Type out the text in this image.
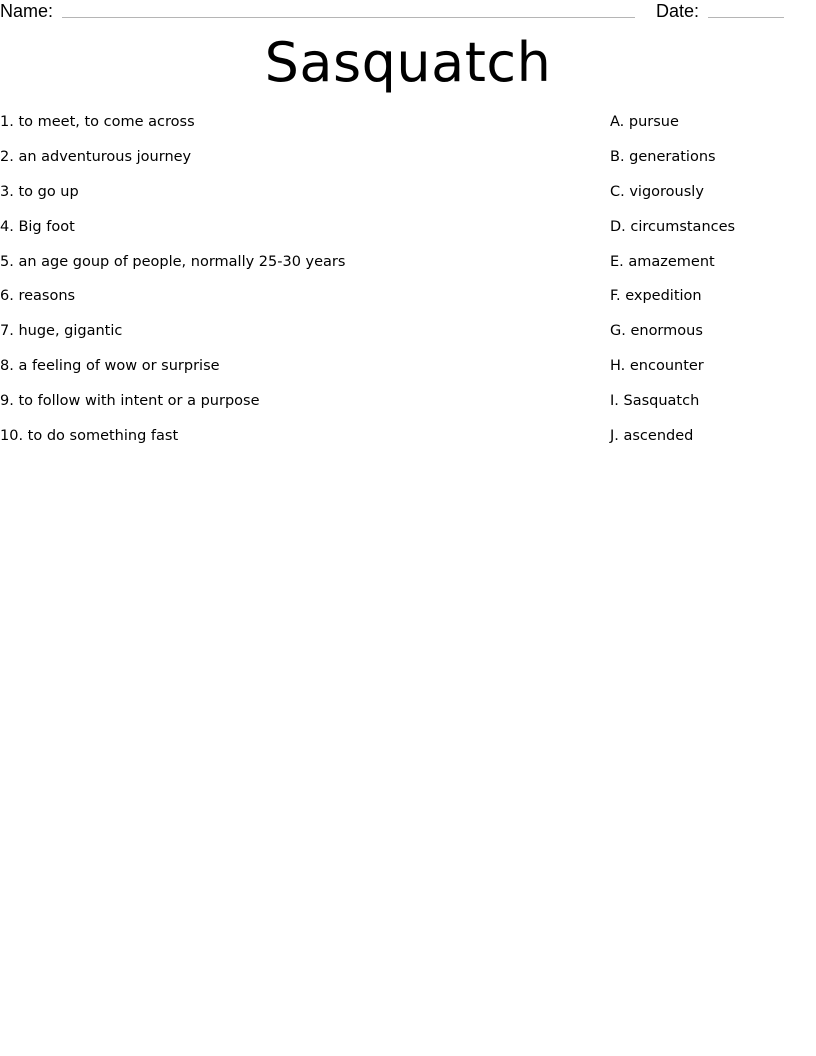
Name:	Date:
Sasquatch
1. to meet, to come across
2. an adventurous journey
3. to go up
4. Big foot
5. an age goup of people, normally 25-30 years
6. reasons
7. huge, gigantic
8. a feeling of wow or surprise
9. to follow with intent or a purpose
10. to do something fast
A. pursue
B. generations
C. vigorously
D. circumstances
E. amazement
F. expedition
G. enormous
H. encounter
I. Sasquatch
J. ascended
